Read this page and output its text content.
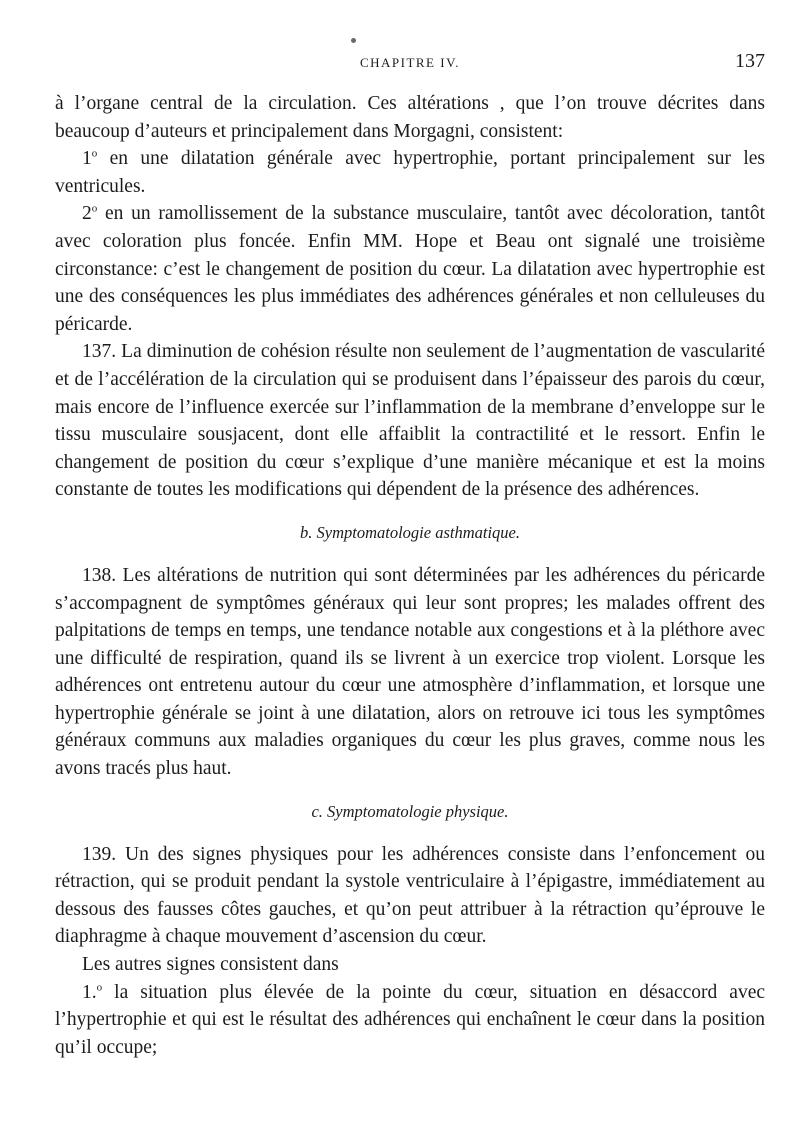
CHAPITRE IV.	137

à l’organe central de la circulation. Ces altérations , que l’on trouve décrites dans beaucoup d’auteurs et principalement dans Morgagni, consistent:

1$^o$ en une dilatation générale avec hypertrophie, portant principalement sur les ventricules.

2$^o$ en un ramollissement de la substance musculaire, tantôt avec décoloration, tantôt avec coloration plus foncée. Enfin MM. Hope et Beau ont signalé une troisième circonstance: c’est le changement de position du cœur. La dilatation avec hypertrophie est une des conséquences les plus immédiates des adhérences générales et non celluleuses du péricarde.

137. La diminution de cohésion résulte non seulement de l’augmentation de vascularité et de l’accélération de la circulation qui se produisent dans l’épaisseur des parois du cœur, mais encore de l’influence exercée sur l’inflammation de la membrane d’enveloppe sur le tissu musculaire sousjacent, dont elle affaiblit la contractilité et le ressort. Enfin le changement de position du cœur s’explique d’une manière mécanique et est la moins constante de toutes les modifications qui dépendent de la présence des adhérences.

b. Symptomatologie asthmatique.

138. Les altérations de nutrition qui sont déterminées par les adhérences du péricarde s’accompagnent de symptômes généraux qui leur sont propres; les malades offrent des palpitations de temps en temps, une tendance notable aux congestions et à la pléthore avec une difficulté de respiration, quand ils se livrent à un exercice trop violent. Lorsque les adhérences ont entretenu autour du cœur une atmosphère d’inflammation, et lorsque une hypertrophie générale se joint à une dilatation, alors on retrouve ici tous les symptômes généraux communs aux maladies organiques du cœur les plus graves, comme nous les avons tracés plus haut.

c. Symptomatologie physique.

139. Un des signes physiques pour les adhérences consiste dans l’enfoncement ou rétraction, qui se produit pendant la systole ventriculaire à l’épigastre, immédiatement au dessous des fausses côtes gauches, et qu’on peut attribuer à la rétraction qu’éprouve le diaphragme à chaque mouvement d’ascension du cœur.

Les autres signes consistent dans

1.$^o$ la situation plus élevée de la pointe du cœur, situation en désaccord avec l’hypertrophie et qui est le résultat des adhérences qui enchaînent le cœur dans la position qu’il occupe;
